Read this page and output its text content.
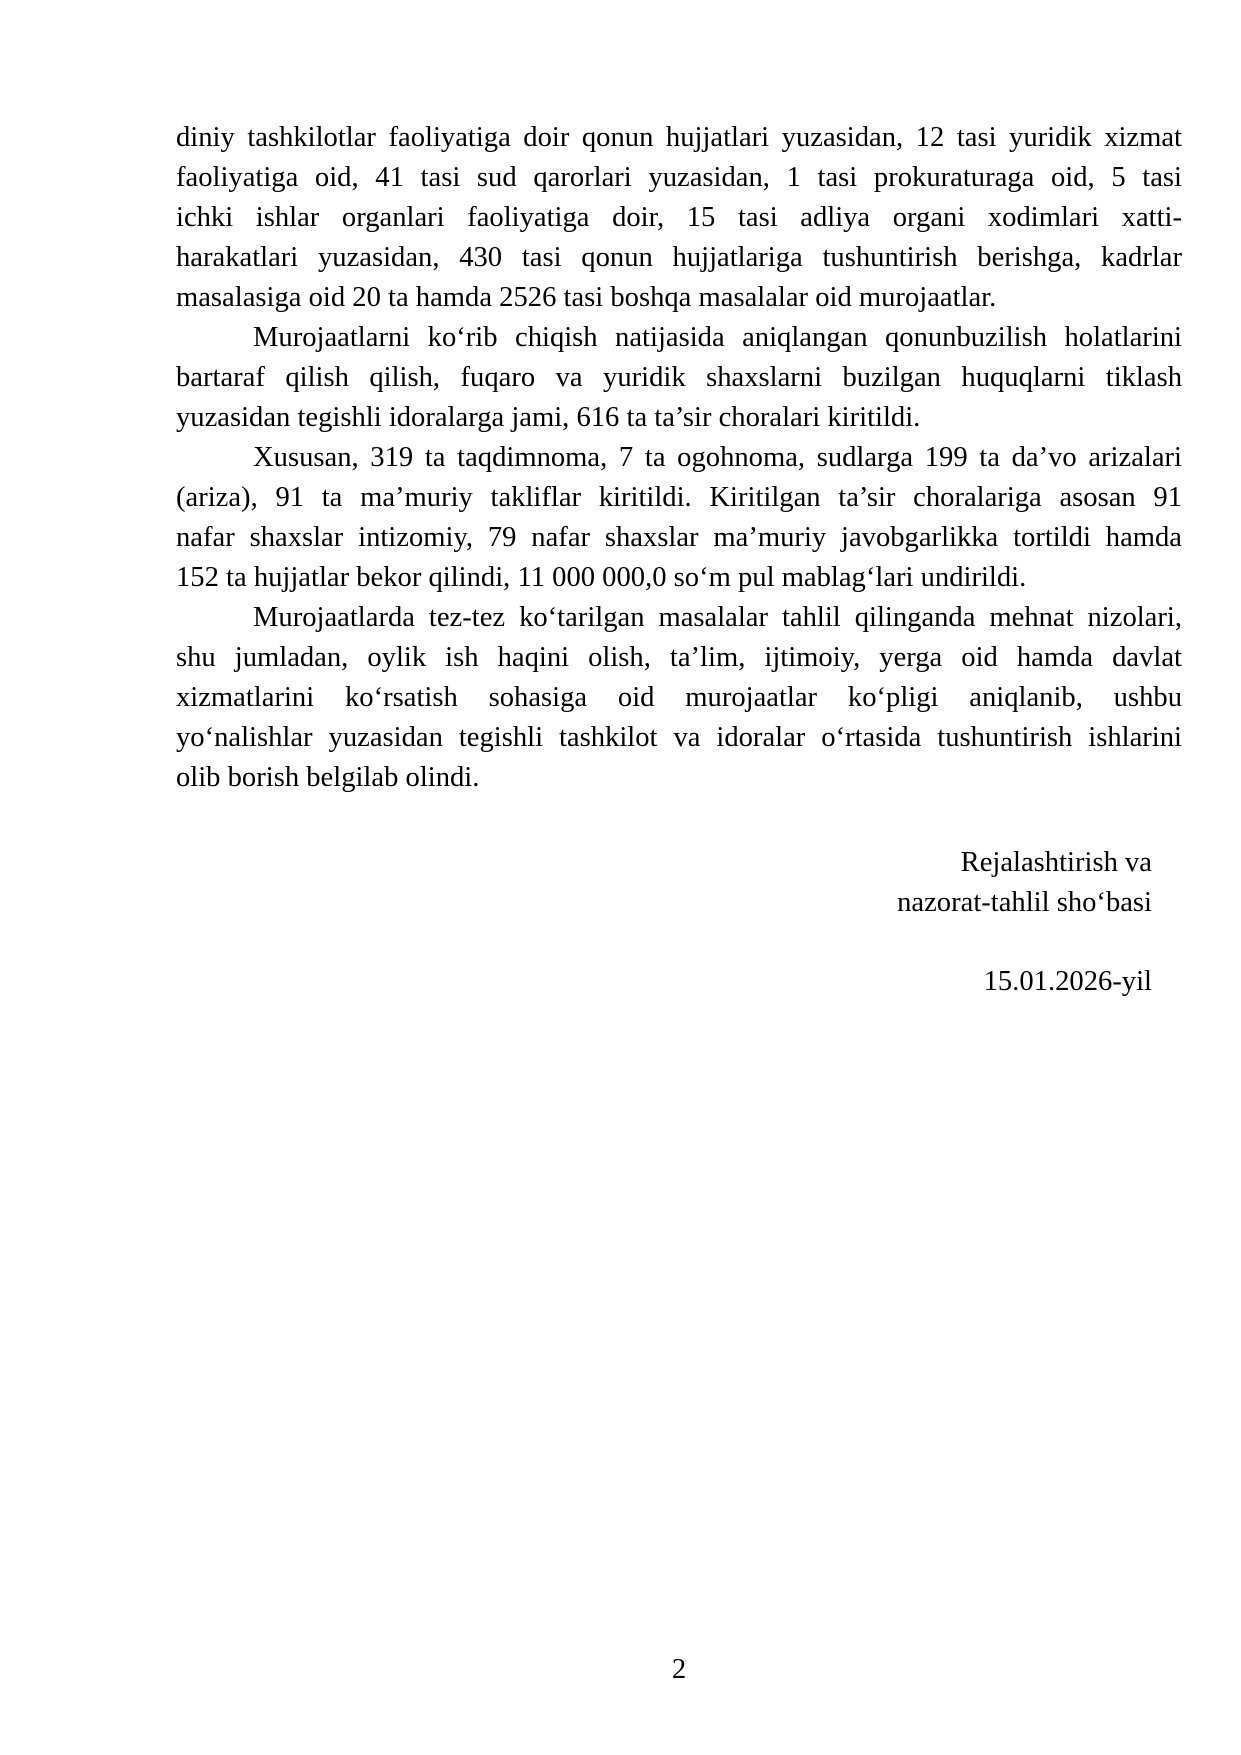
diniy tashkilotlar faoliyatiga doir qonun hujjatlari yuzasidan, 12 tasi yuridik xizmat
faoliyatiga oid, 41 tasi sud qarorlari yuzasidan, 1 tasi prokuraturaga oid, 5 tasi
ichki ishlar organlari faoliyatiga doir, 15 tasi adliya organi xodimlari xatti-
harakatlari yuzasidan, 430 tasi qonun hujjatlariga tushuntirish berishga, kadrlar
masalasiga oid 20 ta hamda 2526 tasi boshqa masalalar oid murojaatlar.
Murojaatlarni ko‘rib chiqish natijasida aniqlangan qonunbuzilish holatlarini
bartaraf qilish qilish, fuqaro va yuridik shaxslarni buzilgan huquqlarni tiklash
yuzasidan tegishli idoralarga jami, 616 ta ta’sir choralari kiritildi.
Xususan, 319 ta taqdimnoma, 7 ta ogohnoma, sudlarga 199 ta da’vo arizalari
(ariza), 91 ta ma’muriy takliflar kiritildi. Kiritilgan ta’sir choralariga asosan 91
nafar shaxslar intizomiy, 79 nafar shaxslar ma’muriy javobgarlikka tortildi hamda
152 ta hujjatlar bekor qilindi, 11 000 000,0 so‘m pul mablag‘lari undirildi.
Murojaatlarda tez-tez ko‘tarilgan masalalar tahlil qilinganda mehnat nizolari,
shu jumladan, oylik ish haqini olish, ta’lim, ijtimoiy, yerga oid hamda davlat
xizmatlarini ko‘rsatish sohasiga oid murojaatlar ko‘pligi aniqlanib, ushbu
yo‘nalishlar yuzasidan tegishli tashkilot va idoralar o‘rtasida tushuntirish ishlarini
olib borish belgilab olindi.
Rejalashtirish va
nazorat-tahlil sho‘basi
15.01.2026-yil
2
